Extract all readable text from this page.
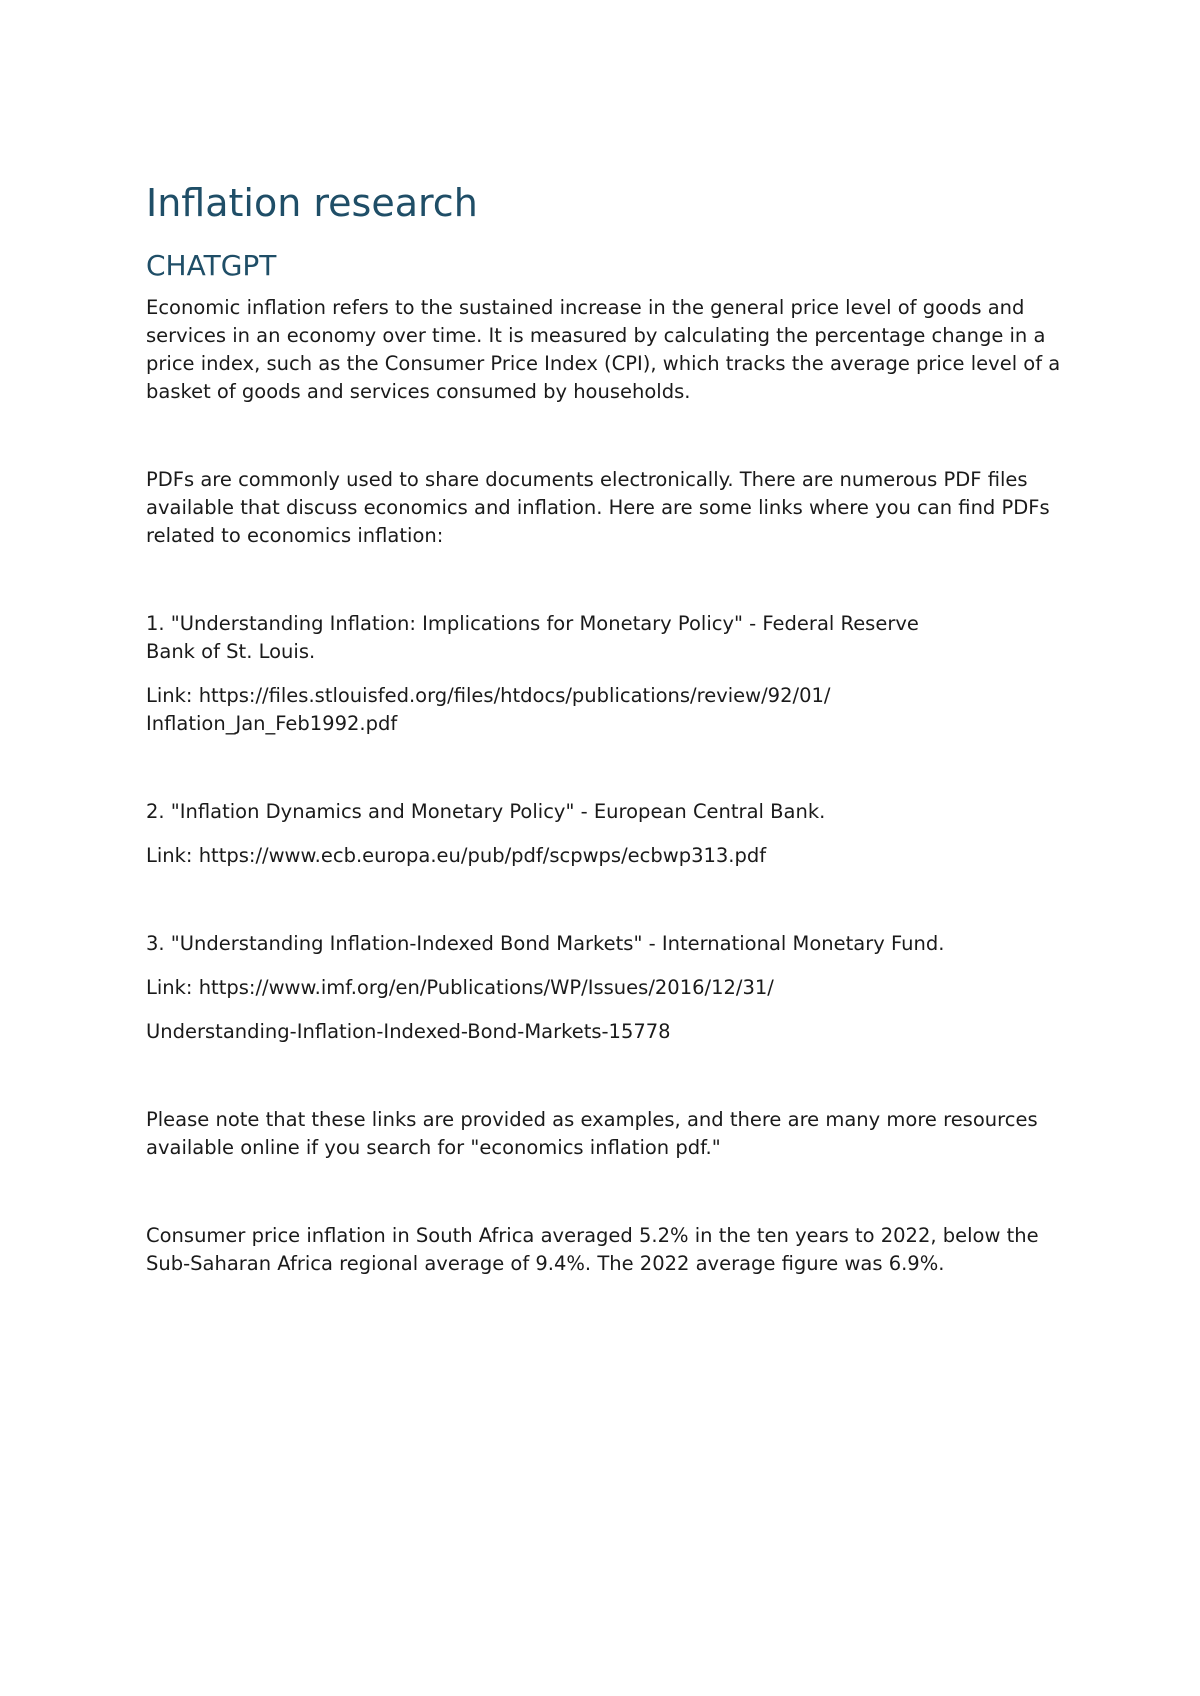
Inflation research
CHATGPT

Economic inflation refers to the sustained increase in the general price level of goods and services in an economy over time. It is measured by calculating the percentage change in a price index, such as the Consumer Price Index (CPI), which tracks the average price level of a basket of goods and services consumed by households.

PDFs are commonly used to share documents electronically. There are numerous PDF files available that discuss economics and inflation. Here are some links where you can find PDFs related to economics inflation:

1. "Understanding Inflation: Implications for Monetary Policy" - Federal Reserve
Bank of St. Louis.

Link: https://files.stlouisfed.org/files/htdocs/publications/review/92/01/
Inflation_Jan_Feb1992.pdf

2. "Inflation Dynamics and Monetary Policy" - European Central Bank.

Link: https://www.ecb.europa.eu/pub/pdf/scpwps/ecbwp313.pdf

3. "Understanding Inflation-Indexed Bond Markets" - International Monetary Fund.

Link: https://www.imf.org/en/Publications/WP/Issues/2016/12/31/

Understanding-Inflation-Indexed-Bond-Markets-15778

Please note that these links are provided as examples, and there are many more resources available online if you search for "economics inflation pdf."

Consumer price inflation in South Africa averaged 5.2% in the ten years to 2022, below the Sub-Saharan Africa regional average of 9.4%. The 2022 average figure was 6.9%.
